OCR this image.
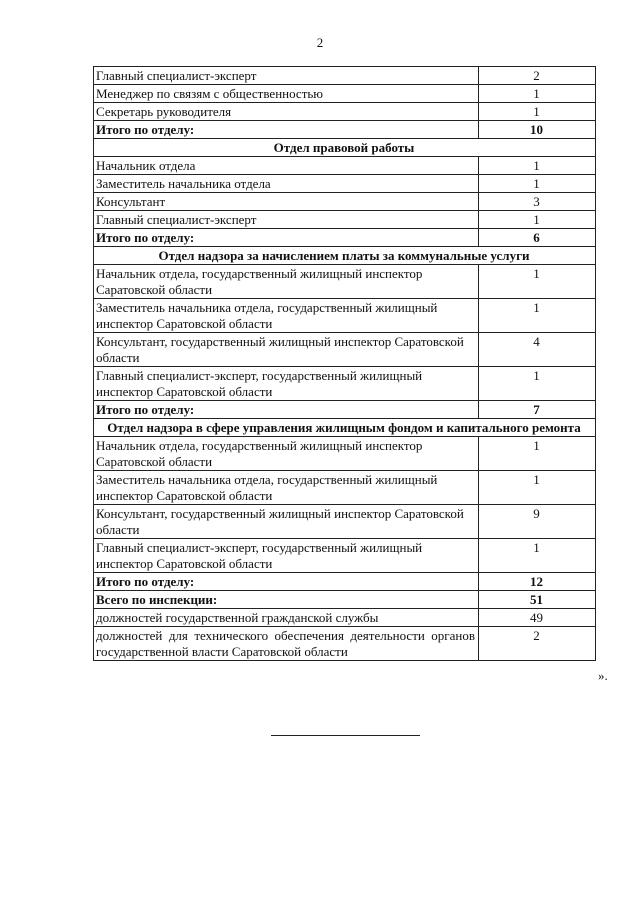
2
Главный специалист-эксперт	2
Менеджер по связям с общественностью	1
Секретарь руководителя	1
Итого по отделу:	10
Отдел правовой работы	
Начальник отдела	1
Заместитель начальника отдела	1
Консультант	3
Главный специалист-эксперт	1
Итого по отделу:	6
Отдел надзора за начислением платы за коммунальные услуги	
Начальник отдела, государственный жилищный инспектор Саратовской области	1
Заместитель начальника отдела, государственный жилищный инспектор Саратовской области	1
Консультант, государственный жилищный инспектор Саратовской области	4
Главный специалист-эксперт, государственный жилищный инспектор Саратовской области	1
Итого по отделу:	7
Отдел надзора в сфере управления жилищным фондом и капитального ремонта	
Начальник отдела, государственный жилищный инспектор Саратовской области	1
Заместитель начальника отдела, государственный жилищный инспектор Саратовской области	1
Консультант, государственный жилищный инспектор Саратовской области	9
Главный специалист-эксперт, государственный жилищный инспектор Саратовской области	1
Итого по отделу:	12
Всего по инспекции:	51
должностей государственной гражданской службы	49
должностей для технического обеспечения деятельности органов государственной власти Саратовской области	2
».
